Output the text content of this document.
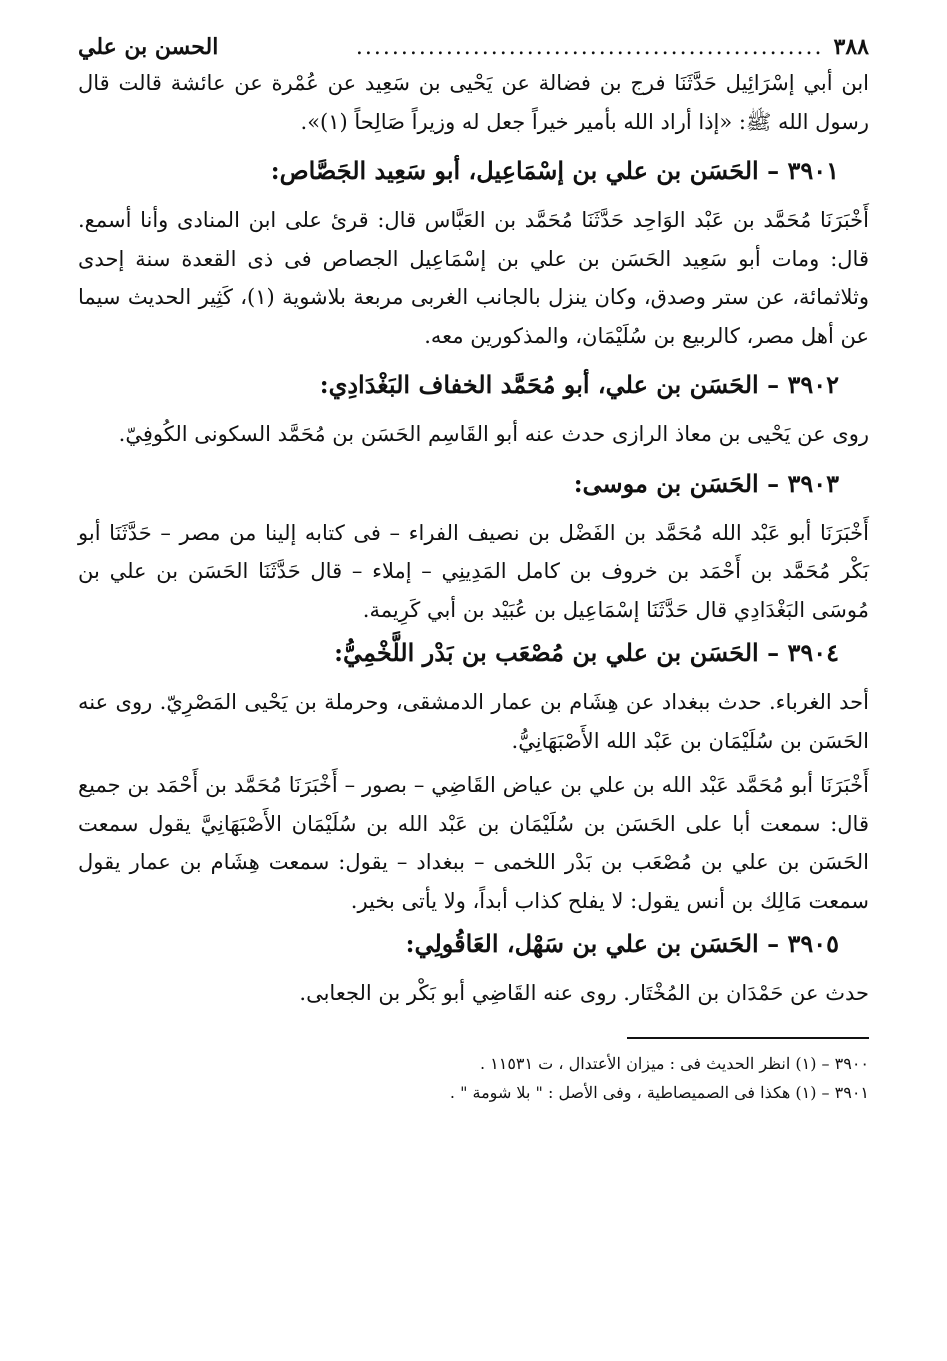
٣٨٨
....................................................
الحسن بن علي

ابن أبي إسْرَائِيل حَدَّثَنَا فرج بن فضالة عن يَحْيى بن سَعِيد عن عُمْرة عن عائشة قالت قال رسول الله ﷺ: «إذا أراد الله بأمير خيراً جعل له وزيراً صَالِحاً (١)».

٣٩٠١ – الحَسَن بن علي بن إسْمَاعِيل، أبو سَعِيد الجَصَّاص:

أَخْبَرَنَا مُحَمَّد بن عَبْد الوَاحِد حَدَّثَنَا مُحَمَّد بن العَبَّاس قال: قرئ على ابن المنادى وأنا أسمع. قال: ومات أبو سَعِيد الحَسَن بن علي بن إسْمَاعِيل الجصاص فى ذى القعدة سنة إحدى وثلاثمائة، عن ستر وصدق، وكان ينزل بالجانب الغربى مربعة بلاشوية (١)، كَثِير الحديث سيما عن أهل مصر، كالربيع بن سُلَيْمَان، والمذكورين معه.

٣٩٠٢ – الحَسَن بن علي، أبو مُحَمَّد الخفاف البَغْدَادِي:

روى عن يَحْيى بن معاذ الرازى حدث عنه أبو القَاسِم الحَسَن بن مُحَمَّد السكونى الكُوفِيّ.

٣٩٠٣ – الحَسَن بن موسى:

أَخْبَرَنَا أبو عَبْد الله مُحَمَّد بن الفَضْل بن نصيف الفراء – فى كتابه إلينا من مصر – حَدَّثَنَا أبو بَكْر مُحَمَّد بن أَحْمَد بن خروف بن كامل المَدِينِي – إملاء – قال حَدَّثَنَا الحَسَن بن علي بن مُوسَى البَغْدَادِي قال حَدَّثَنَا إسْمَاعِيل بن عُبَيْد بن أبي كَرِيمة.

٣٩٠٤ – الحَسَن بن علي بن مُصْعَب بن بَدْر اللَّخْمِيُّ:

أحد الغرباء. حدث ببغداد عن هِشَام بن عمار الدمشقى، وحرملة بن يَحْيى المَصْرِيّ. روى عنه الحَسَن بن سُلَيْمَان بن عَبْد الله الأَصْبَهَانِيُّ.

أَخْبَرَنَا أبو مُحَمَّد عَبْد الله بن علي بن عياض القَاضِي – بصور – أَخْبَرَنَا مُحَمَّد بن أَحْمَد بن جميع قال: سمعت أبا على الحَسَن بن سُلَيْمَان بن عَبْد الله بن سُلَيْمَان الأَصْبَهَانِيَّ يقول سمعت الحَسَن بن علي بن مُصْعَب بن بَدْر اللخمى – ببغداد – يقول: سمعت هِشَام بن عمار يقول سمعت مَالِك بن أنس يقول: لا يفلح كذاب أبداً، ولا يأتى بخير.

٣٩٠٥ – الحَسَن بن علي بن سَهْل، العَاقُولِي:

حدث عن حَمْدَان بن المُخْتَار. روى عنه القَاضِي أبو بَكْر بن الجعابى.

٣٩٠٠ – (١) انظر الحديث فى : ميزان الأعتدال ، ت ١١٥٣١ .

٣٩٠١ – (١) هكذا فى الصميصاطية ، وفى الأصل : " بلا شومة " .
